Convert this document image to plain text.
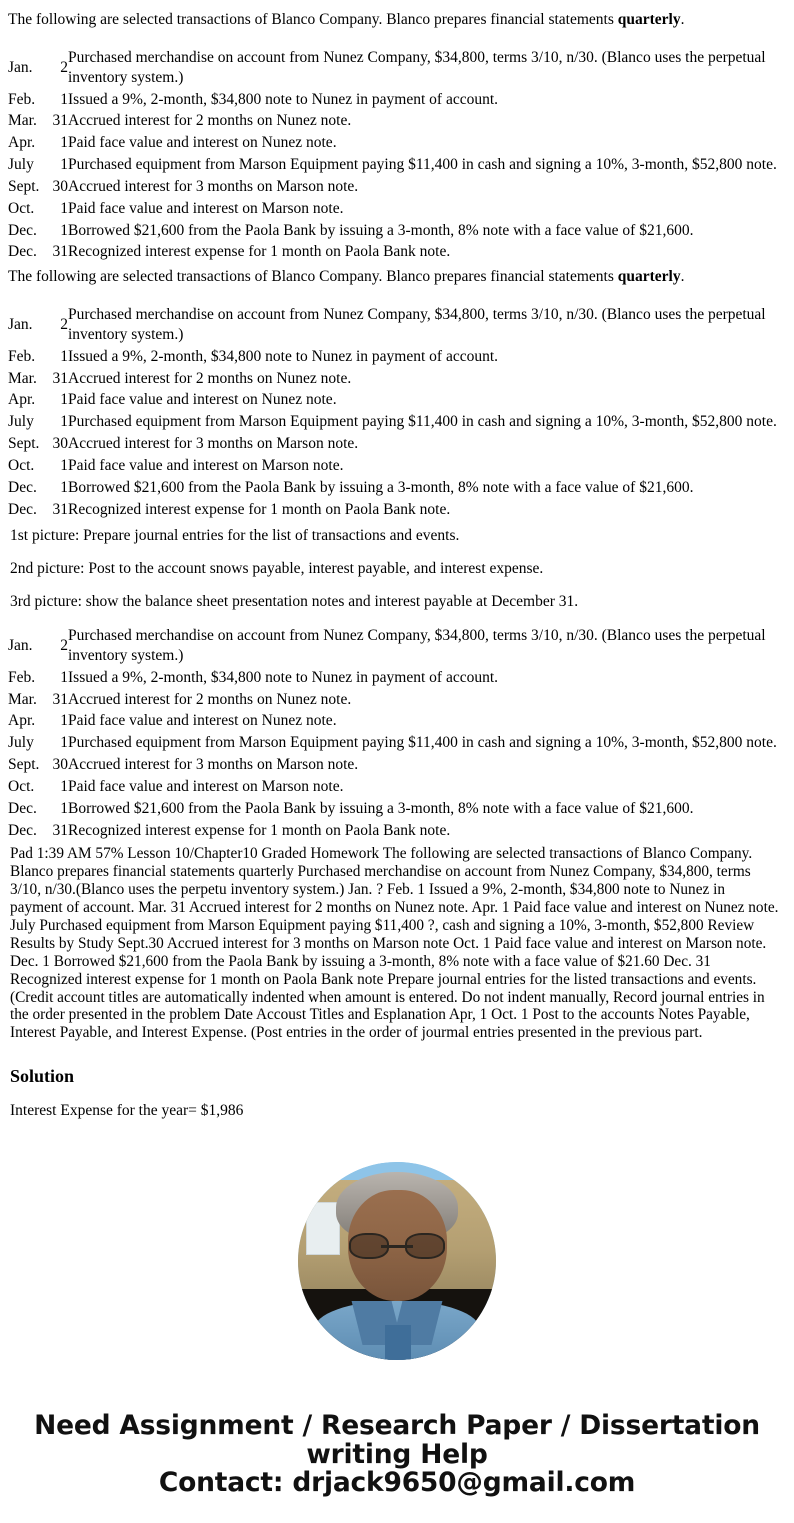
The following are selected transactions of Blanco Company. Blanco prepares financial statements quarterly.

Jan.	2	Purchased merchandise on account from Nunez Company, $34,800, terms 3/10, n/30. (Blanco uses the perpetual inventory system.)
Feb.	1	Issued a 9%, 2-month, $34,800 note to Nunez in payment of account.
Mar.	31	Accrued interest for 2 months on Nunez note.
Apr.	1	Paid face value and interest on Nunez note.
July	1	Purchased equipment from Marson Equipment paying $11,400 in cash and signing a 10%, 3-month, $52,800 note.
Sept.	30	Accrued interest for 3 months on Marson note.
Oct.	1	Paid face value and interest on Marson note.
Dec.	1	Borrowed $21,600 from the Paola Bank by issuing a 3-month, 8% note with a face value of $21,600.
Dec.	31	Recognized interest expense for 1 month on Paola Bank note.

The following are selected transactions of Blanco Company. Blanco prepares financial statements quarterly.

Jan.	2	Purchased merchandise on account from Nunez Company, $34,800, terms 3/10, n/30. (Blanco uses the perpetual inventory system.)
Feb.	1	Issued a 9%, 2-month, $34,800 note to Nunez in payment of account.
Mar.	31	Accrued interest for 2 months on Nunez note.
Apr.	1	Paid face value and interest on Nunez note.
July	1	Purchased equipment from Marson Equipment paying $11,400 in cash and signing a 10%, 3-month, $52,800 note.
Sept.	30	Accrued interest for 3 months on Marson note.
Oct.	1	Paid face value and interest on Marson note.
Dec.	1	Borrowed $21,600 from the Paola Bank by issuing a 3-month, 8% note with a face value of $21,600.
Dec.	31	Recognized interest expense for 1 month on Paola Bank note.

1st picture: Prepare journal entries for the list of transactions and events.

2nd picture: Post to the account snows payable, interest payable, and interest expense.

3rd picture: show the balance sheet presentation notes and interest payable at December 31.

Jan.	2	Purchased merchandise on account from Nunez Company, $34,800, terms 3/10, n/30. (Blanco uses the perpetual inventory system.)
Feb.	1	Issued a 9%, 2-month, $34,800 note to Nunez in payment of account.
Mar.	31	Accrued interest for 2 months on Nunez note.
Apr.	1	Paid face value and interest on Nunez note.
July	1	Purchased equipment from Marson Equipment paying $11,400 in cash and signing a 10%, 3-month, $52,800 note.
Sept.	30	Accrued interest for 3 months on Marson note.
Oct.	1	Paid face value and interest on Marson note.
Dec.	1	Borrowed $21,600 from the Paola Bank by issuing a 3-month, 8% note with a face value of $21,600.
Dec.	31	Recognized interest expense for 1 month on Paola Bank note.

Pad 1:39 AM 57% Lesson 10/Chapter10 Graded Homework The following are selected transactions of Blanco Company. Blanco prepares financial statements quarterly Purchased merchandise on account from Nunez Company, $34,800, terms 3/10, n/30.(Blanco uses the perpetu inventory system.) Jan. ? Feb. 1 Issued a 9%, 2-month, $34,800 note to Nunez in payment of account. Mar. 31 Accrued interest for 2 months on Nunez note. Apr. 1 Paid face value and interest on Nunez note. July Purchased equipment from Marson Equipment paying $11,400 ?, cash and signing a 10%, 3-month, $52,800 Review Results by Study Sept.30 Accrued interest for 3 months on Marson note Oct. 1 Paid face value and interest on Marson note. Dec. 1 Borrowed $21,600 from the Paola Bank by issuing a 3-month, 8% note with a face value of $21.60 Dec. 31 Recognized interest expense for 1 month on Paola Bank note Prepare journal entries for the listed transactions and events. (Credit account titles are automatically indented when amount is entered. Do not indent manually, Record journal entries in the order presented in the problem Date Accoust Titles and Esplanation Apr, 1 Oct. 1 Post to the accounts Notes Payable, Interest Payable, and Interest Expense. (Post entries in the order of jourmal entries presented in the previous part.

Solution

Interest Expense for the year= $1,986

Need Assignment / Research Paper / Dissertation
writing Help
Contact: drjack9650@gmail.com
